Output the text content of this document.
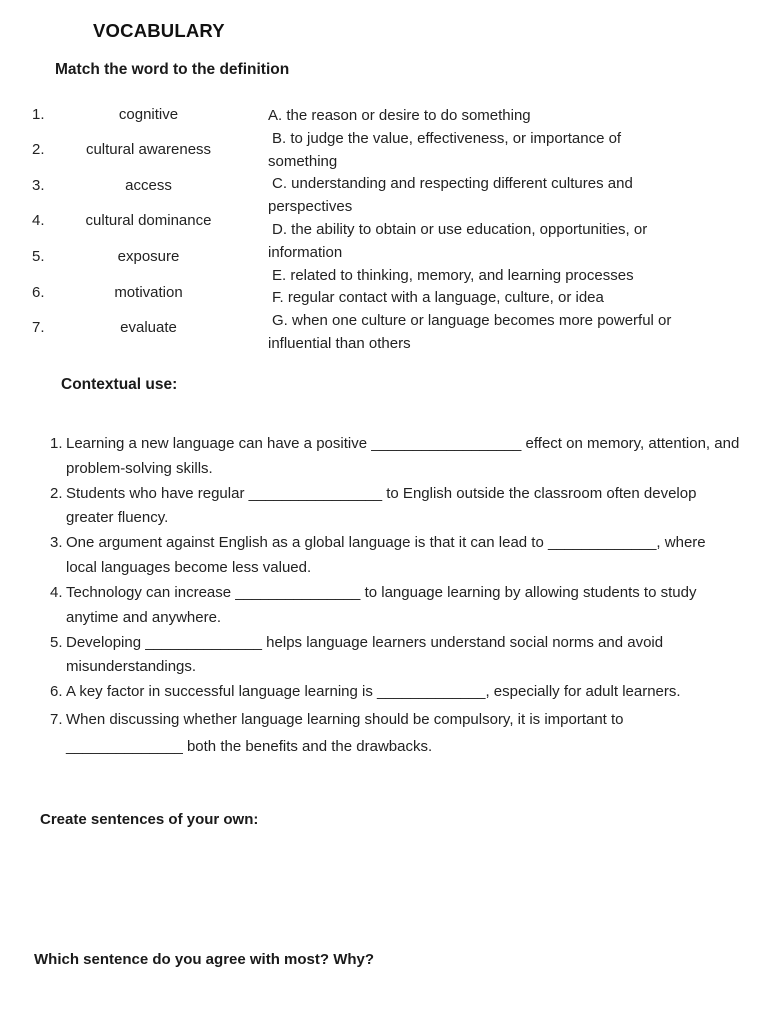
VOCABULARY
Match the word to the definition
1.
2.
3.
4.
5.
6.
7.
cognitive
cultural awareness
access
cultural dominance
exposure
motivation
evaluate
A. the reason or desire to do something
B. to judge the value, effectiveness, or importance of
something
C. understanding and respecting different cultures and
perspectives
D. the ability to obtain or use education, opportunities, or
information
E. related to thinking, memory, and learning processes
F. regular contact with a language, culture, or idea
G. when one culture or language becomes more powerful or
influential than others
Contextual use:
1. Learning a new language can have a positive __________________ effect on memory, attention, and problem-solving skills.
2. Students who have regular ________________ to English outside the classroom often develop greater fluency.
3. One argument against English as a global language is that it can lead to _____________, where local languages become less valued.
4. Technology can increase _______________ to language learning by allowing students to study anytime and anywhere.
5. Developing ______________ helps language learners understand social norms and avoid misunderstandings.
6. A key factor in successful language learning is _____________, especially for adult learners.
7. When discussing whether language learning should be compulsory, it is important to ______________ both the benefits and the drawbacks.
Create sentences of your own:
Which sentence do you agree with most? Why?
